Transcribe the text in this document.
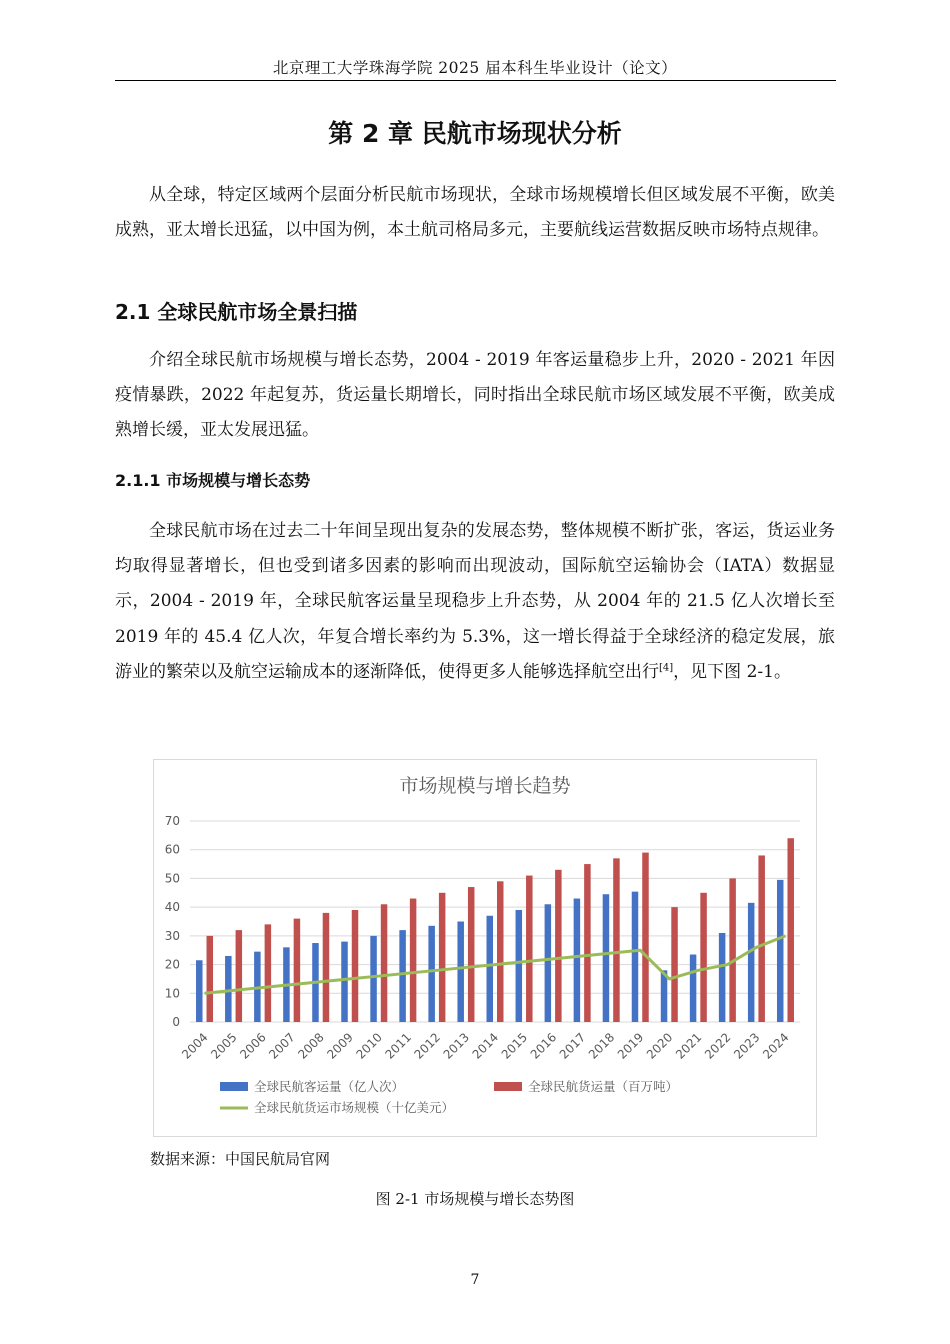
北京理工大学珠海学院 2025 届本科生毕业设计（论文）
第 2 章 民航市场现状分析

从全球，特定区域两个层面分析民航市场现状，全球市场规模增长但区域发展不平衡，欧美成熟，亚太增长迅猛，以中国为例，本土航司格局多元，主要航线运营数据反映市场特点规律。

2.1 全球民航市场全景扫描

介绍全球民航市场规模与增长态势，2004 - 2019 年客运量稳步上升，2020 - 2021 年因疫情暴跌，2022 年起复苏，货运量长期增长，同时指出全球民航市场区域发展不平衡，欧美成熟增长缓，亚太发展迅猛。

2.1.1 市场规模与增长态势

全球民航市场在过去二十年间呈现出复杂的发展态势，整体规模不断扩张，客运，货运业务均取得显著增长，但也受到诸多因素的影响而出现波动，国际航空运输协会（IATA）数据显示，2004 - 2019 年，全球民航客运量呈现稳步上升态势，从 2004 年的 21.5 亿人次增长至 2019 年的 45.4 亿人次，年复合增长率约为 5.3%，这一增长得益于全球经济的稳定发展，旅游业的繁荣以及航空运输成本的逐渐降低，使得更多人能够选择航空出行[4]，见下图 2-1。

市场规模与增长趋势
0
10
20
30
40
50
60
70
2004
2005
2006
2007
2008
2009
2010
2011
2012
2013
2014
2015
2016
2017
2018
2019
2020
2021
2022
2023
2024
全球民航客运量（亿人次）	全球民航货运量（百万吨）
全球民航货运市场规模（十亿美元）
数据来源：中国民航局官网
图 2-1 市场规模与增长态势图
7
